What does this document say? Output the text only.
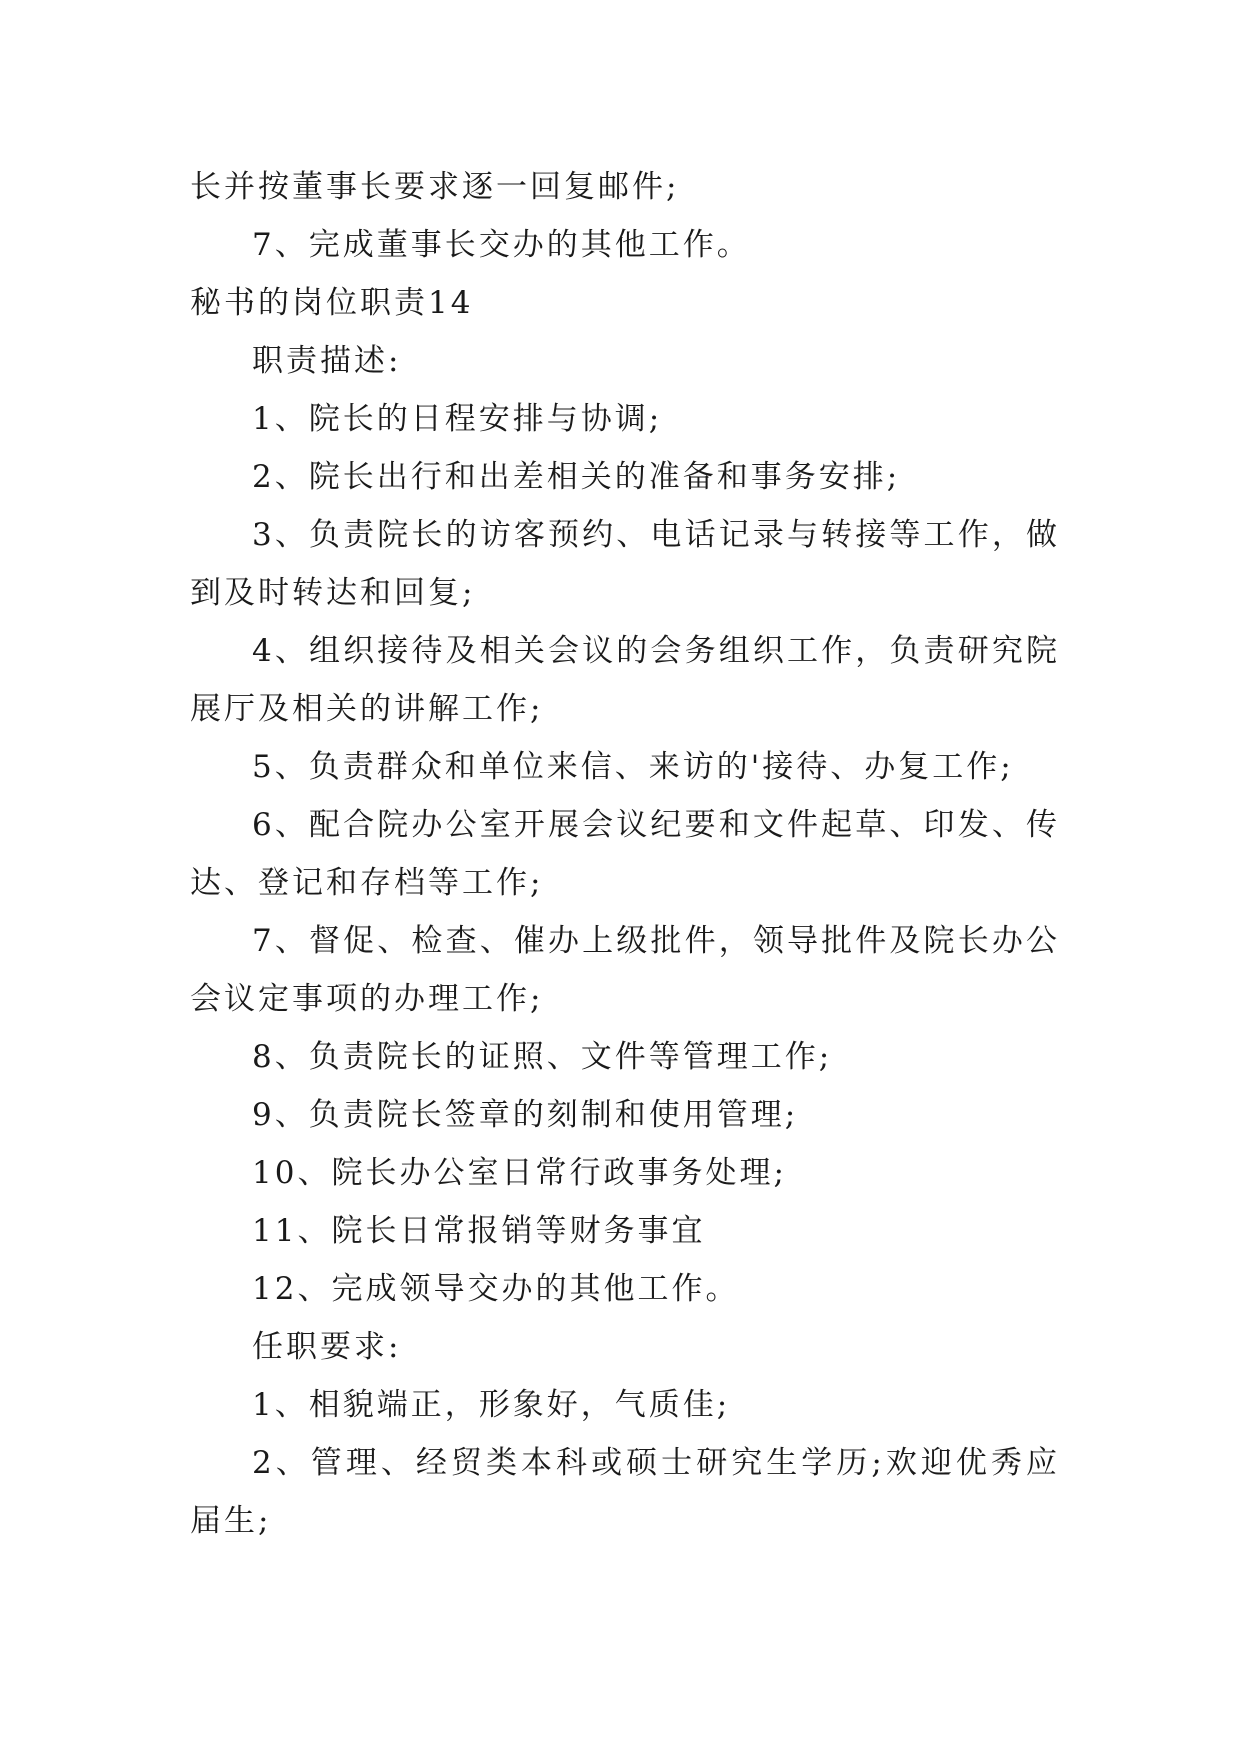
长并按董事长要求逐一回复邮件;
7、完成董事长交办的其他工作。
秘书的岗位职责14
职责描述:
1、院长的日程安排与协调;
2、院长出行和出差相关的准备和事务安排;
3、负责院长的访客预约、电话记录与转接等工作，做
到及时转达和回复;
4、组织接待及相关会议的会务组织工作，负责研究院
展厅及相关的讲解工作;
5、负责群众和单位来信、来访的'接待、办复工作;
6、配合院办公室开展会议纪要和文件起草、印发、传
达、登记和存档等工作;
7、督促、检查、催办上级批件，领导批件及院长办公
会议定事项的办理工作;
8、负责院长的证照、文件等管理工作;
9、负责院长签章的刻制和使用管理;
10、院长办公室日常行政事务处理;
11、院长日常报销等财务事宜
12、完成领导交办的其他工作。
任职要求:
1、相貌端正，形象好，气质佳;
2、管理、经贸类本科或硕士研究生学历;欢迎优秀应
届生;
